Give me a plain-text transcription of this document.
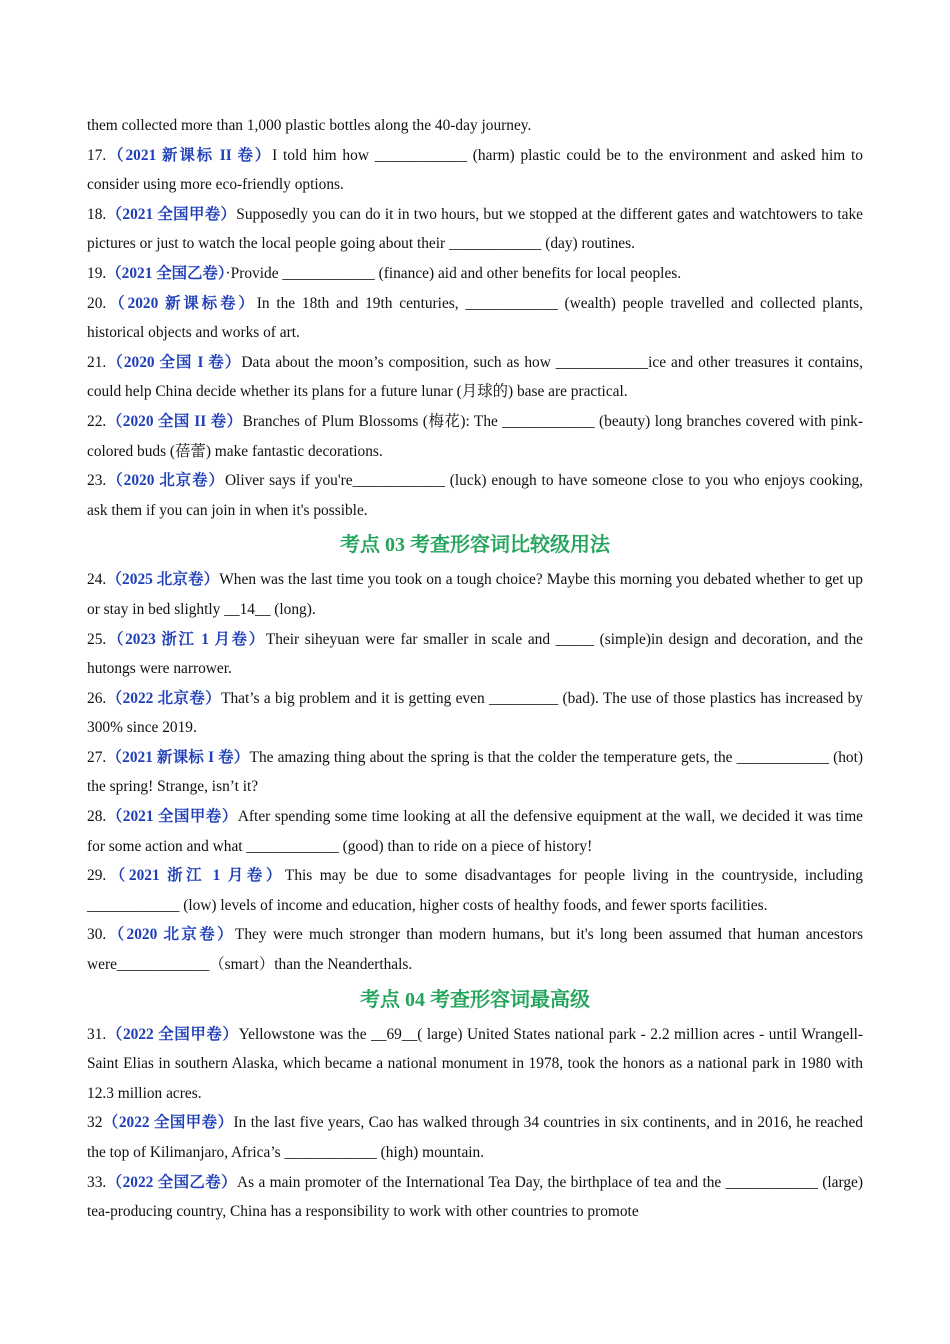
them collected more than 1,000 plastic bottles along the 40-day journey.

17.（2021 新课标 II 卷）I told him how ____________ (harm) plastic could be to the environment and asked him to consider using more eco-friendly options.

18.（2021 全国甲卷）Supposedly you can do it in two hours, but we stopped at the different gates and watchtowers to take pictures or just to watch the local people going about their ____________ (day) routines.

19.（2021 全国乙卷）·Provide ____________ (finance) aid and other benefits for local peoples.

20.（2020 新课标卷）In the 18th and 19th centuries, ____________ (wealth) people travelled and collected plants, historical objects and works of art.

21.（2020 全国 I 卷）Data about the moon’s composition, such as how ____________ice and other treasures it contains, could help China decide whether its plans for a future lunar (月球的) base are practical.

22.（2020 全国 II 卷）Branches of Plum Blossoms (梅花): The ____________ (beauty) long branches covered with pink-colored buds (蓓蕾) make fantastic decorations.

23.（2020 北京卷）Oliver says if you're____________ (luck) enough to have someone close to you who enjoys cooking, ask them if you can join in when it's possible.

考点 03 考查形容词比较级用法

24.（2025 北京卷）When was the last time you took on a tough choice? Maybe this morning you debated whether to get up or stay in bed slightly __14__ (long).

25.（2023 浙江 1 月卷）Their siheyuan were far smaller in scale and _____ (simple)in design and decoration, and the hutongs were narrower.

26.（2022 北京卷）That’s a big problem and it is getting even _________ (bad). The use of those plastics has increased by 300% since 2019.

27.（2021 新课标 I 卷）The amazing thing about the spring is that the colder the temperature gets, the ____________ (hot) the spring! Strange, isn’t it?

28.（2021 全国甲卷）After spending some time looking at all the defensive equipment at the wall, we decided it was time for some action and what ____________ (good) than to ride on a piece of history!

29.（2021 浙江 1 月卷）This may be due to some disadvantages for people living in the countryside, including ____________ (low) levels of income and education, higher costs of healthy foods, and fewer sports facilities.

30.（2020 北京卷）They were much stronger than modern humans, but it's long been assumed that human ancestors were____________（smart）than the Neanderthals.

考点 04 考查形容词最高级

31.（2022 全国甲卷）Yellowstone was the __69__( large) United States national park - 2.2 million acres - until Wrangell-Saint Elias in southern Alaska, which became a national monument in 1978, took the honors as a national park in 1980 with 12.3 million acres.

32（2022 全国甲卷）In the last five years, Cao has walked through 34 countries in six continents, and in 2016, he reached the top of Kilimanjaro, Africa’s ____________ (high) mountain.

33.（2022 全国乙卷）As a main promoter of the International Tea Day, the birthplace of tea and the ____________ (large) tea-producing country, China has a responsibility to work with other countries to promote
